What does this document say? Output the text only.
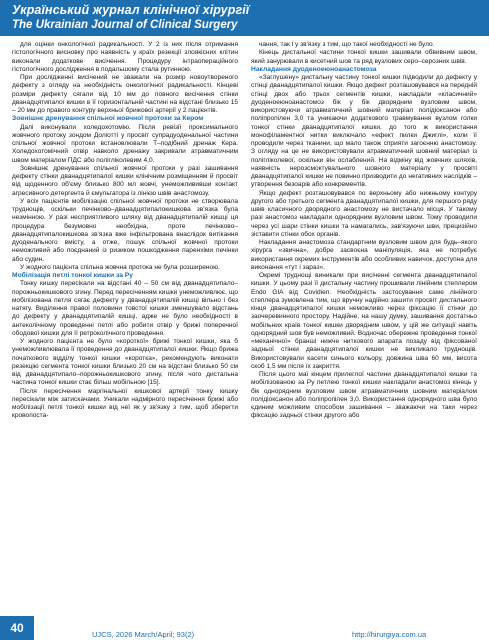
Український журнал клінічної хірургії
The Ukrainian Journal of Clinical Surgery

для оцінки онкологічної радикальності. У 2 із них після отримання гістологічного висновку про наявність у країх резекції злоякісних клітин виконали додаткове висічення. Процедуру інтраопераційного гістологічного дослідження в подальшому стала рутинною.

При дослідженні висічений не зважали на розмір новоутвореного дефекту з огляду на необхідність онкологічної радикальності. Кінцеві розміри дефекту сягали від 10 мм до повного висічення стінки дванадцятипалої кишки в її горизонтальній частині на відстані близько 15 – 20 мм до правого контуру верхньої брижової артерії у 2 пацієнтів.

Зовнішнє дренування спільної жовчної протоки за Кером

Далі виконували холедохотомію. Після ревізії проксимального жовчного протоку зондом Доліотті у просвіт супрадуоденальної частини спільної жовчної протоки встановлювали Т–подібний дренаж Кера. Холедохотомічний отвір навколо дренажу закривали атравматичним швом матеріалом ПДС або полігліколевим 4,0.

Зовнішнє дренування спільної жовчної протоки у разі зашивання дефекту стінки дванадцятипалої кишки клінічним розміщенням й просвіт від щоденного об'єму близько 800 мл жовчі, унеможлививши контакт агресивного детергента й ємульгатора із лінією швів анастомозу.

У всіх пацієнтів мобілізацію спільної жовчної протоки не створювала труднощів, оскільки печінково–дванадцятипалокишкова зв'язка була незмінною. У разі несприятливого шляху від дванадцятипалій кишці ця процедура безумовно необхідна, проте печінково–дванадцятипалокишкова зв'язка вже інфільтрована внаслідок витікання дуоденального вмісту, а отже, пошук спільної жовчної протоки неможливий або поєднаний із ризиком пошкодження паренхіми печінки або судин.

У жодного пацієнта спільна жовчна протока не була розширеною.

Мобілізація петлі тонкої кишки за Ру

Тонку кишку пересікали на відстані 40 – 50 см від дванадцятипало–порожньокишкового згину. Перед пересіченням кишки унеможливлює, що мобілізована петля сягає дефекту у дванадцятипалій кишці вільно і без натягу. Виділення правої половини товстої кишки зменшувало відстань до дефекту у дванадцятипалій кишці, адже не було необхідності в антеколічному проведенні петлі або робити отвір у брижі поперечної ободової кишки для її ретроколічного проведення.

У жодного пацієнта не було «короткої» брижі тонкої кишки, яка б унеможливлювала її проведення до дванадцятипалої кишки. Якщо брижа початкового відділу тонкої кишки «коротка», рекомендують виконати резекцію сегмента тонкої кишки близько 20 см на відстані близько 50 см від дванадцятипало–порожньокишкового згину, після чого дистальна частина тонкої кишки стає більш мобільною [15].

Після пересічення маргінальної кишкової артерії тонку кишку пересікали між затискачами. Уникали надмірного пересічення брижі або мобілізації петлі тонкої кишки від неї як у зв'язку з тим, щоб зберегти кровопоста-

чання, так і у зв'язку з тим, що такої необхідності не було.

Кінець дистальної частини тонкої кишки зашивали обвивним швом, який занурювали в кисетний шов та ряд вузлових серо–серозних швів.

Накладання дуоденоеюноанастомоза

«Заглушену» дистальну частину тонкої кишки підводили до дефекту у стінці дванадцятипалої кишки. Якщо дефект розташовувався на передній стінці двох або трьох сегментів кишки, накладали «класичний» дуоденоеюноанастомоз бік у бік дворядним вузловим швом, використовуючи атравматичний шовний матеріал полідіоксанон або поліпропілен 3,0 та уникаючи додаткового травмування вузлом голки тонкої стінки дванадцятипалої кишки, до того ж використання монофіламентної нитки виключало «ефект пилки Джиглі», коли її проводили через тканини, що мало також сприяти загоєнню анастомозу. З огляду на це не використовували атравматичний шовний матеріал із полігліколевої, оскільки він ослаблений. На відміну від жовчних шляхів, наявність нерозсмоктувального шовного матеріалу у просвіті дванадцятипалої кишки не повинно призводити до негативних наслідків – утворення безоарів або конкрементів.

Якщо дефект розташовувався по верхньому або нижньому контуру другого або третього сегмента дванадцятипалої кишки, для першого ряду швів класичного дворядного анастомозу не вистачало місця. У такому разі анастомоз накладали однорядним вузловим швом. Тому проводили через усі шари стінки кишки та намагались, зав'язуючи шви, прецизійно зіставити стінки обох органів.

Накладання анастомоза стандартним вузловим швом для будь–якого хірурга «звична», добре засвоєна маніпуляція, яка не потребує використання окремих інструментів або особливих навичок, доступна для виконання «тут і зараз».

Окремі труднощі виникали при висіченні сегмента дванадцятипалої кишки. У цьому разі її дистальну частину прошивали лінійним степлером Endo GIA від Covidien. Необхідність застосування саме лінійного степлера зумовлена тим, що вручну надійно зашити просвіт дистального кінця дванадцятипалої кишки неможливо через фіксацію її стінки до заочеревинного простору. Надійне, на нашу думку, зашивання достатньо мобільних країв тонкої кишки дворядним швом, у цій же ситуації навіть однорядний шов був неможливий. Водночас обережне проведення тонкої «механічної» бранші нижче ниткового апарата позаду від фіксованої задньої стінки дванадцятипалої кишки не викликало труднощів. Використовували касети синього кольору, довжина шва 60 мм, висота скоб 1,5 мм після їх закриття.

Після цього маї кінцем прилеглої частини дванадцятипалої кишки та мобілізованою за Ру петлею тонкої кишки накладали анастомоз кінець у бік однорядним вузловим швом атравматичним шовним матеріалом полідіоксанон або поліпропілен 3,0. Використання однорядного шва було єдиним можливим способом зашивання – зважаючи на таки через фіксацію задньої стінки другого або

40	UJCS, 2026 March/April; 93(2)	http://hirurgiya.com.ua
